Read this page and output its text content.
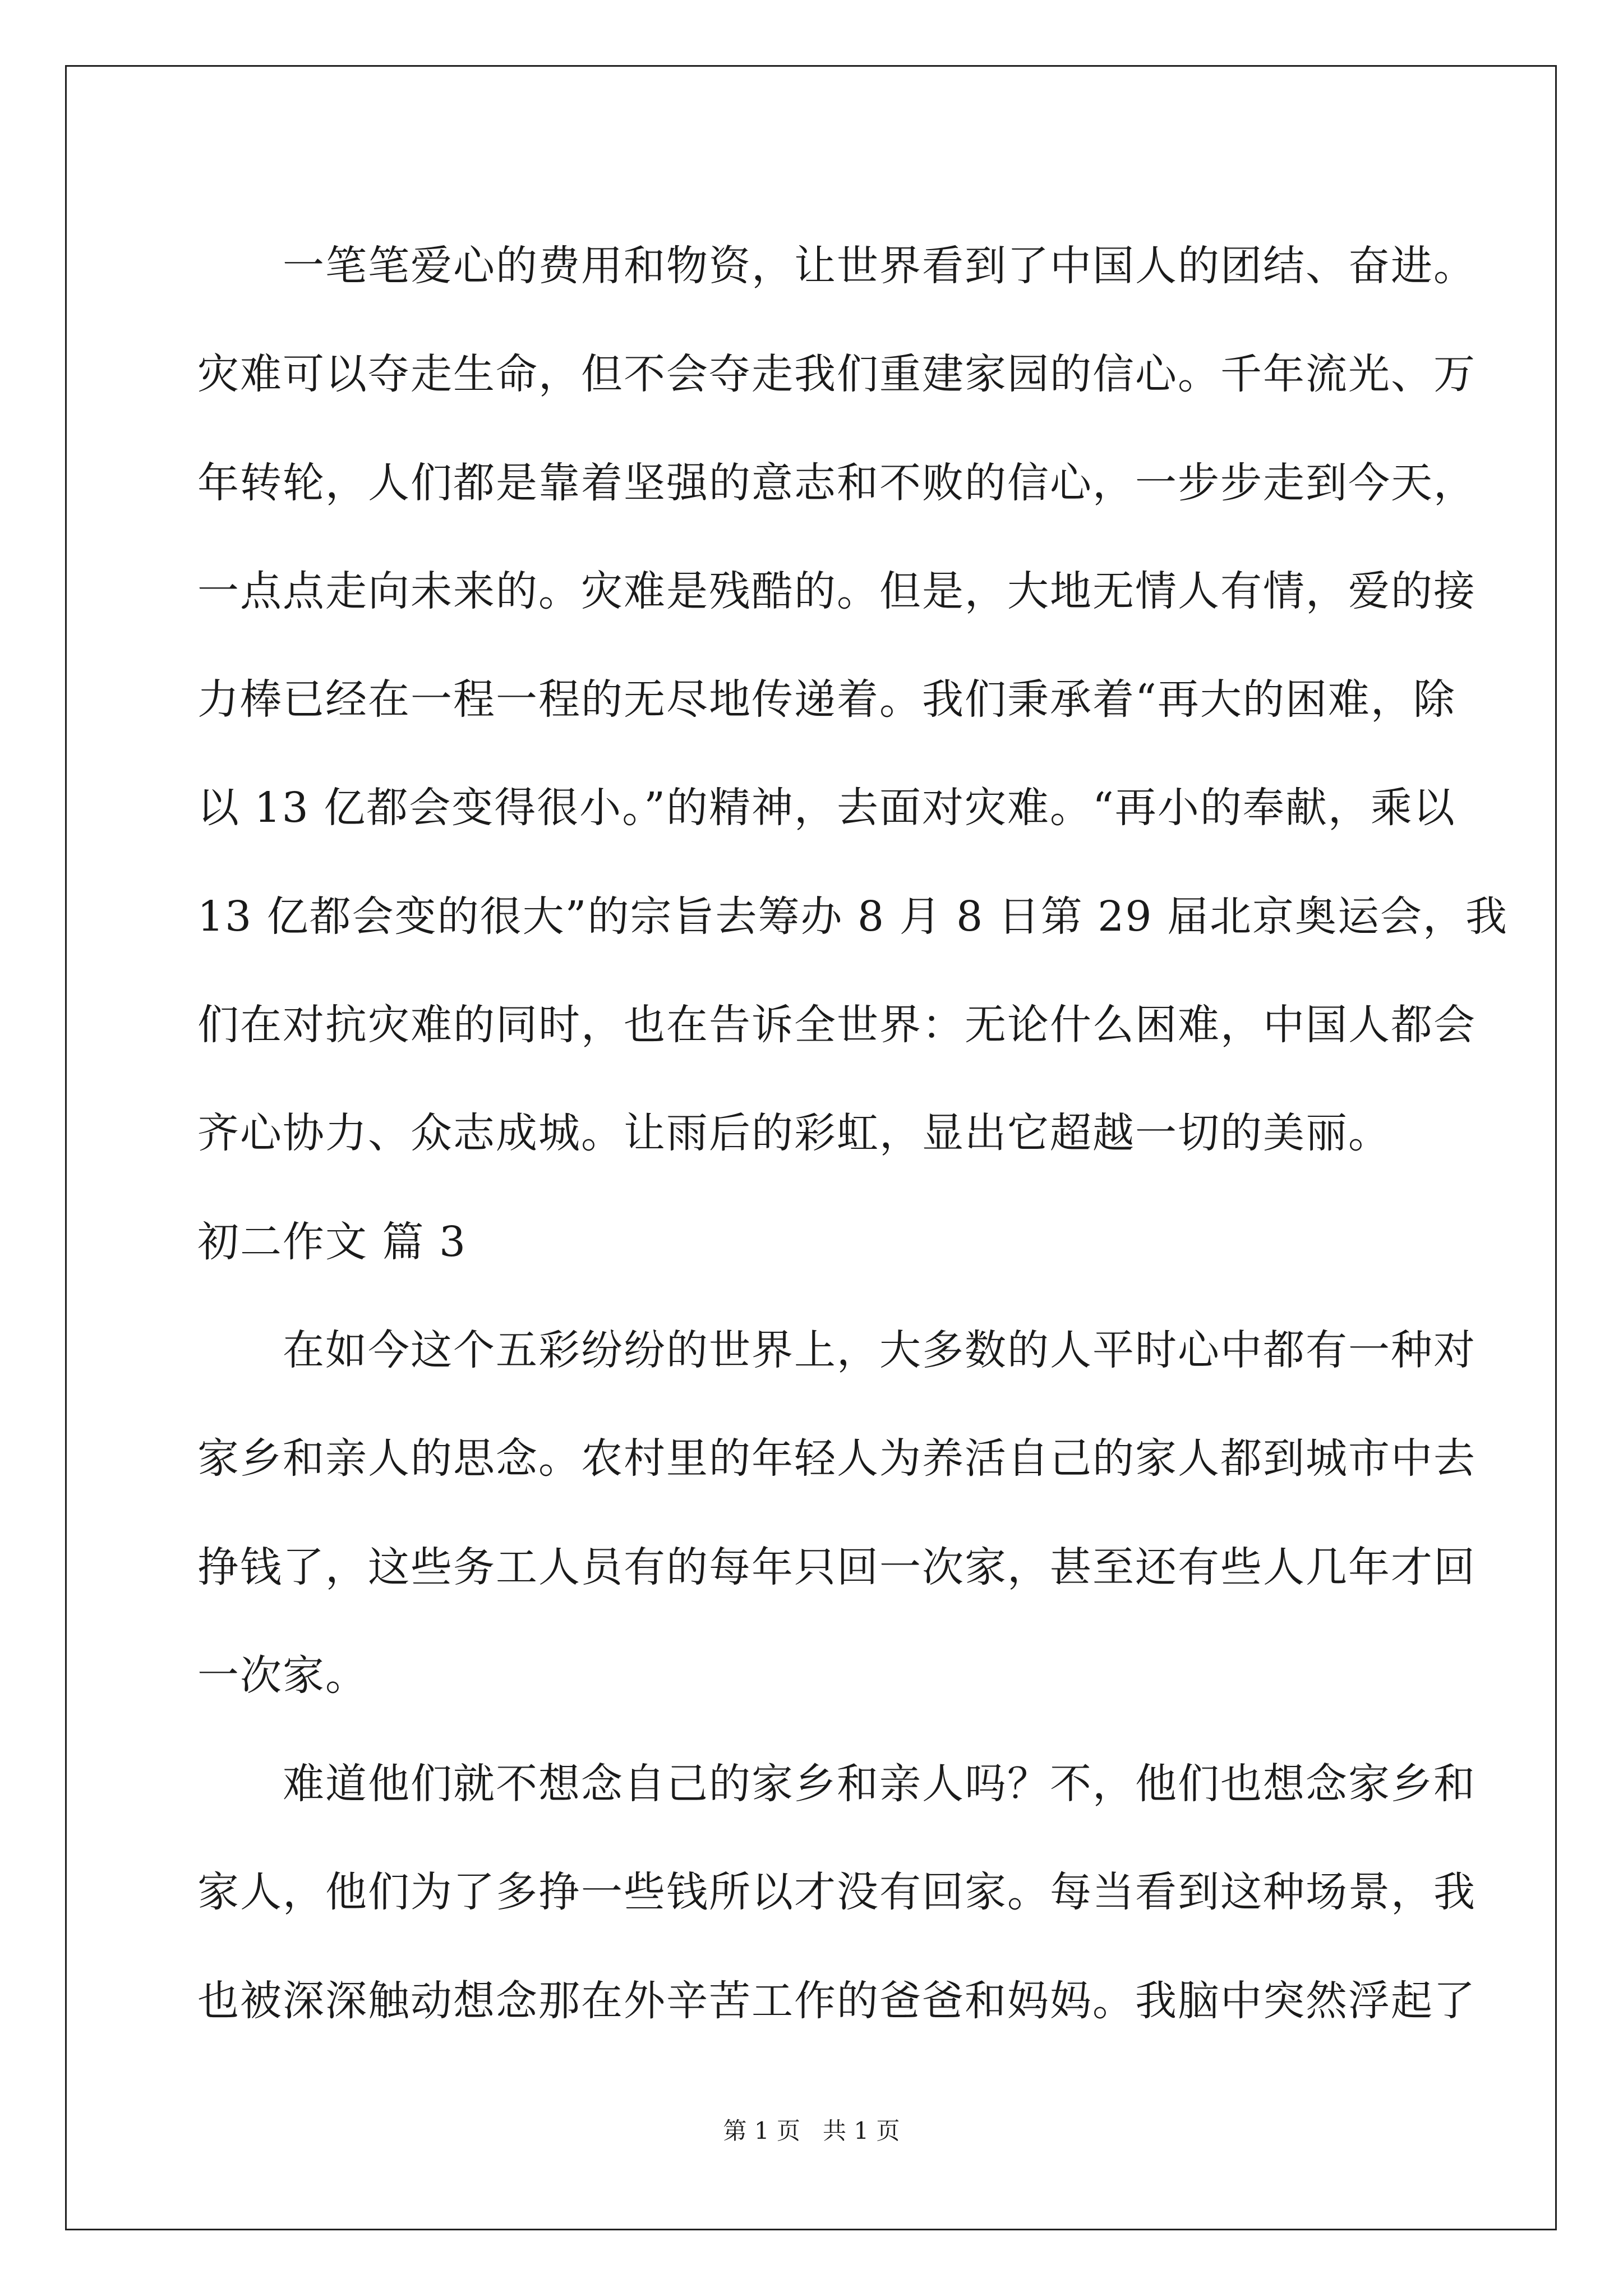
一笔笔爱心的费用和物资，让世界看到了中国人的团结、奋进。
灾难可以夺走生命，但不会夺走我们重建家园的信心。千年流光、万
年转轮，人们都是靠着坚强的意志和不败的信心，一步步走到今天，
一点点走向未来的。灾难是残酷的。但是，大地无情人有情，爱的接
力棒已经在一程一程的无尽地传递着。我们秉承着“再大的困难，除
以 13 亿都会变得很小。”的精神，去面对灾难。“再小的奉献，乘以
13 亿都会变的很大”的宗旨去筹办 8 月 8 日第 29 届北京奥运会，我
们在对抗灾难的同时，也在告诉全世界：无论什么困难，中国人都会
齐心协力、众志成城。让雨后的彩虹，显出它超越一切的美丽。
初二作文 篇 3
在如今这个五彩纷纷的世界上，大多数的人平时心中都有一种对
家乡和亲人的思念。农村里的年轻人为养活自己的家人都到城市中去
挣钱了，这些务工人员有的每年只回一次家，甚至还有些人几年才回
一次家。
难道他们就不想念自己的家乡和亲人吗？不，他们也想念家乡和
家人，他们为了多挣一些钱所以才没有回家。每当看到这种场景，我
也被深深触动想念那在外辛苦工作的爸爸和妈妈。我脑中突然浮起了
第 1 页   共 1 页
